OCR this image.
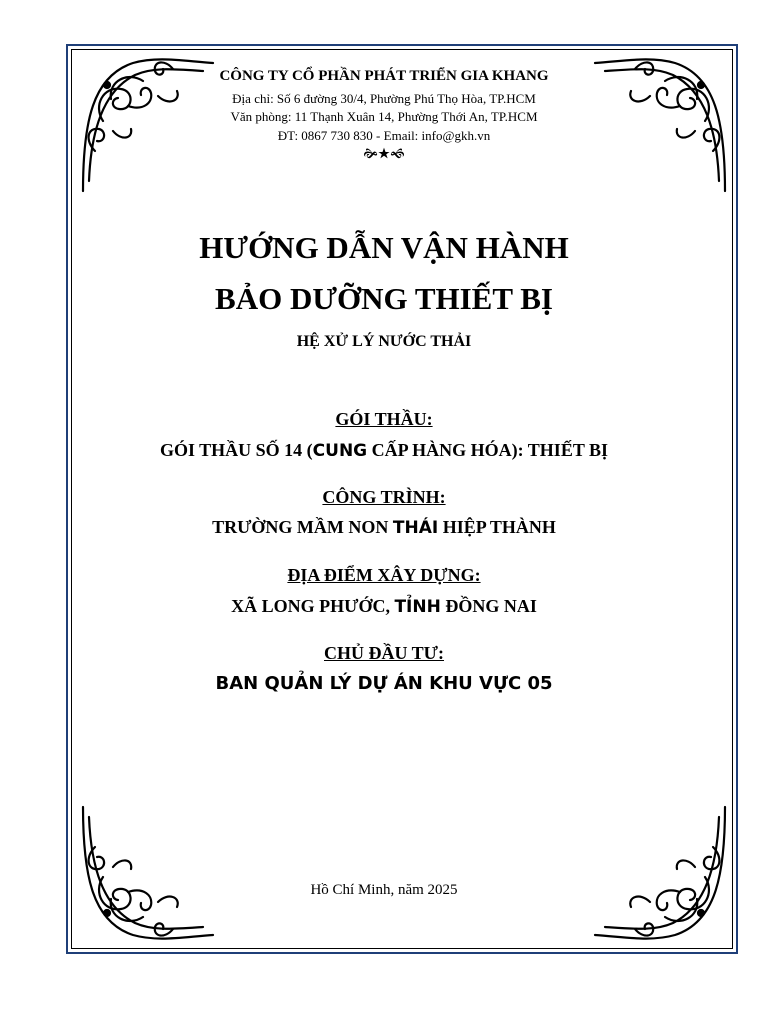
CÔNG TY CỔ PHẦN PHÁT TRIỂN GIA KHANG
Địa chỉ: Số 6 đường 30/4, Phường Phú Thọ Hòa, TP.HCM
Văn phòng: 11 Thạnh Xuân 14, Phường Thới An, TP.HCM
ĐT: 0867 730 830 - Email: info@gkh.vn
🙞★🙜
HƯỚNG DẪN VẬN HÀNH
BẢO DƯỠNG THIẾT BỊ
HỆ XỬ LÝ NƯỚC THẢI
GÓI THẦU:
GÓI THẦU SỐ 14 (CUNG CẤP HÀNG HÓA): THIẾT BỊ
CÔNG TRÌNH:
TRƯỜNG MẦM NON THÁI HIỆP THÀNH
ĐỊA ĐIỂM XÂY DỰNG:
XÃ LONG PHƯỚC, TỈNH ĐỒNG NAI
CHỦ ĐẦU TƯ:
BAN QUẢN LÝ DỰ ÁN KHU VỰC 05
Hồ Chí Minh, năm 2025
